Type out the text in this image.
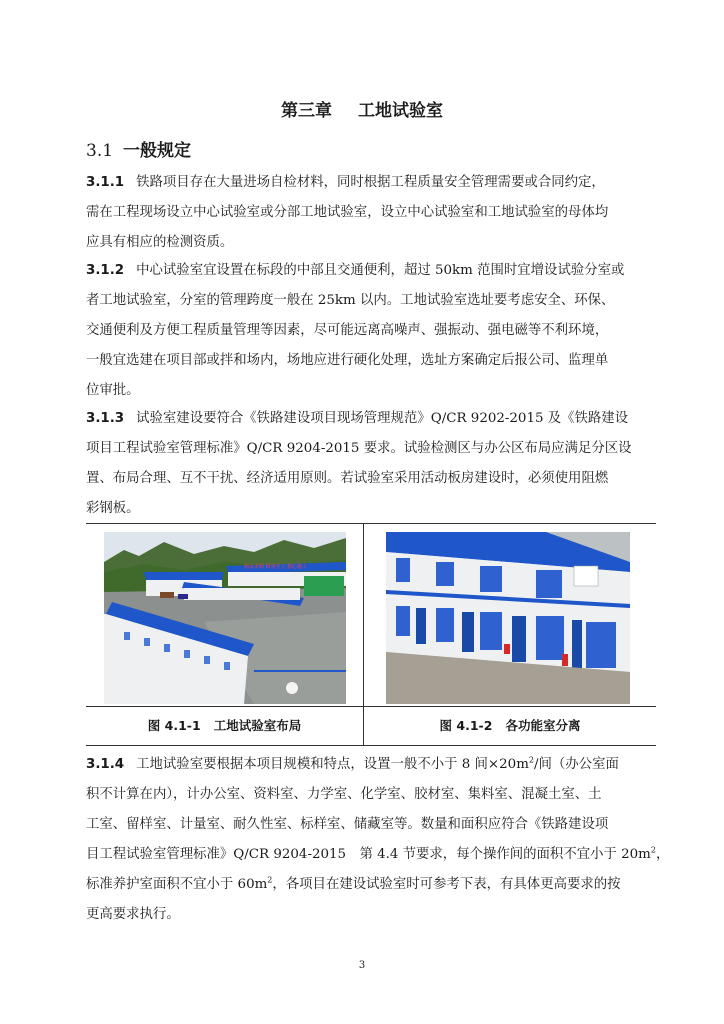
第三章 工地试验室
3.1 一般规定
3.1.1 铁路项目存在大量进场自检材料，同时根据工程质量安全管理需要或合同约定，
需在工程现场设立中心试验室或分部工地试验室，设立中心试验室和工地试验室的母体均
应具有相应的检测资质。
3.1.2 中心试验室宜设置在标段的中部且交通便利，超过 50km 范围时宜增设试验分室或
者工地试验室，分室的管理跨度一般在 25km 以内。工地试验室选址要考虑安全、环保、
交通便利及方便工程质量管理等因素，尽可能远离高噪声、强振动、强电磁等不利环境，
一般宜选建在项目部或拌和场内，场地应进行硬化处理，选址方案确定后报公司、监理单
位审批。
3.1.3 试验室建设要符合《铁路建设项目现场管理规范》Q/CR 9202-2015 及《铁路建设
项目工程试验室管理标准》Q/CR 9204-2015 要求。试验检测区与办公区布局应满足分区设
置、布局合理、互不干扰、经济适用原则。若试验室采用活动板房建设时，必须使用阻燃
彩钢板。
精益求精 顾客至上 精心施工
图 4.1-1 工地试验室布局	图 4.1-2 各功能室分离
3.1.4 工地试验室要根据本项目规模和特点，设置一般不小于 8 间$\times 20m^2/$间（办公室面
积不计算在内），计办公室、资料室、力学室、化学室、胶材室、集料室、混凝土室、土
工室、留样室、计量室、耐久性室、标样室、储藏室等。数量和面积应符合《铁路建设项
目工程试验室管理标准》Q/CR 9204-2015　第 4.4 节要求，每个操作间的面积不宜小于 $20m^2$，
标准养护室面积不宜小于 $60m^2$，各项目在建设试验室时可参考下表，有具体更高要求的按
更高要求执行。
3
